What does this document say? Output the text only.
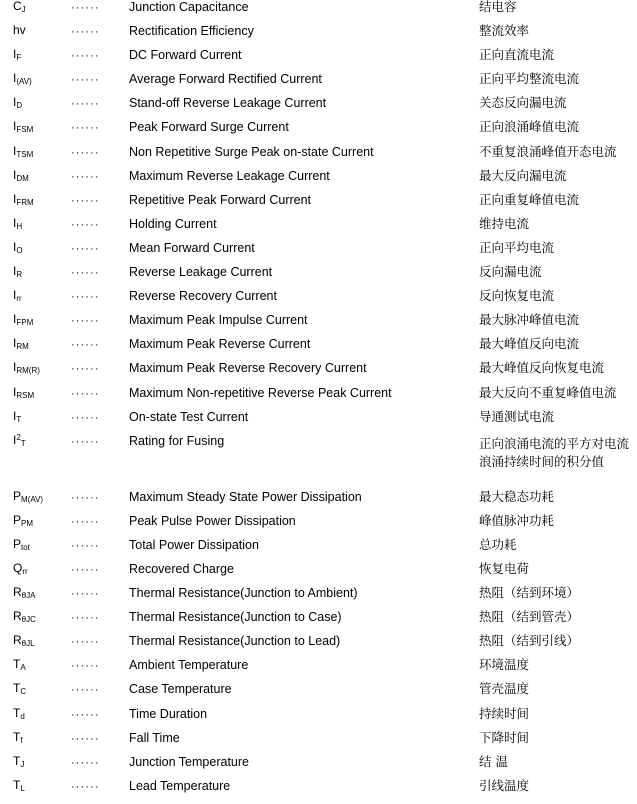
$C_J$	······	Junction Capacitance	结电容
hv	······	Rectification Efficiency	整流效率
$I_F$	······	DC Forward Current	正向直流电流
$I_{(AV)}$	······	Average Forward Rectified Current	正向平均整流电流
$I_D$	······	Stand-off Reverse Leakage Current	关态反向漏电流
$I_{FSM}$	······	Peak Forward Surge Current	正向浪涌峰值电流
$I_{TSM}$	······	Non Repetitive Surge Peak on-state Current	不重复浪涌峰值开态电流
$I_{DM}$	······	Maximum Reverse Leakage Current	最大反向漏电流
$I_{FRM}$	······	Repetitive Peak Forward Current	正向重复峰值电流
$I_H$	······	Holding Current	维持电流
$I_O$	······	Mean Forward Current	正向平均电流
$I_R$	······	Reverse Leakage Current	反向漏电流
$I_{rr}$	······	Reverse Recovery Current	反向恢复电流
$I_{FPM}$	······	Maximum Peak Impulse Current	最大脉冲峰值电流
$I_{RM}$	······	Maximum Peak Reverse Current	最大峰值反向电流
$I_{RM(R)}$	······	Maximum Peak Reverse Recovery Current	最大峰值反向恢复电流
$I_{RSM}$	······	Maximum Non-repetitive Reverse Peak Current	最大反向不重复峰值电流
$I_T$	······	On-state Test Current	导通测试电流
$I^2_T$	······	Rating for Fusing	正向浪涌电流的平方对电流浪涌持续时间的积分值

$P_{M(AV)}$	······	Maximum Steady State Power Dissipation	最大稳态功耗
$P_{PM}$	······	Peak Pulse Power Dissipation	峰值脉冲功耗
$P_{tot}$	······	Total Power Dissipation	总功耗
$Q_{rr}$	······	Recovered Charge	恢复电荷
$R_{\theta JA}$	······	Thermal Resistance(Junction to Ambient)	热阻（结到环境）
$R_{\theta JC}$	······	Thermal Resistance(Junction to Case)	热阻（结到管壳）
$R_{\theta JL}$	······	Thermal Resistance(Junction to Lead)	热阻（结到引线）
$T_A$	······	Ambient Temperature	环境温度
$T_C$	······	Case Temperature	管壳温度
$T_d$	······	Time Duration	持续时间
$T_f$	······	Fall Time	下降时间
$T_J$	······	Junction Temperature	结 温
$T_L$	······	Lead Temperature	引线温度
